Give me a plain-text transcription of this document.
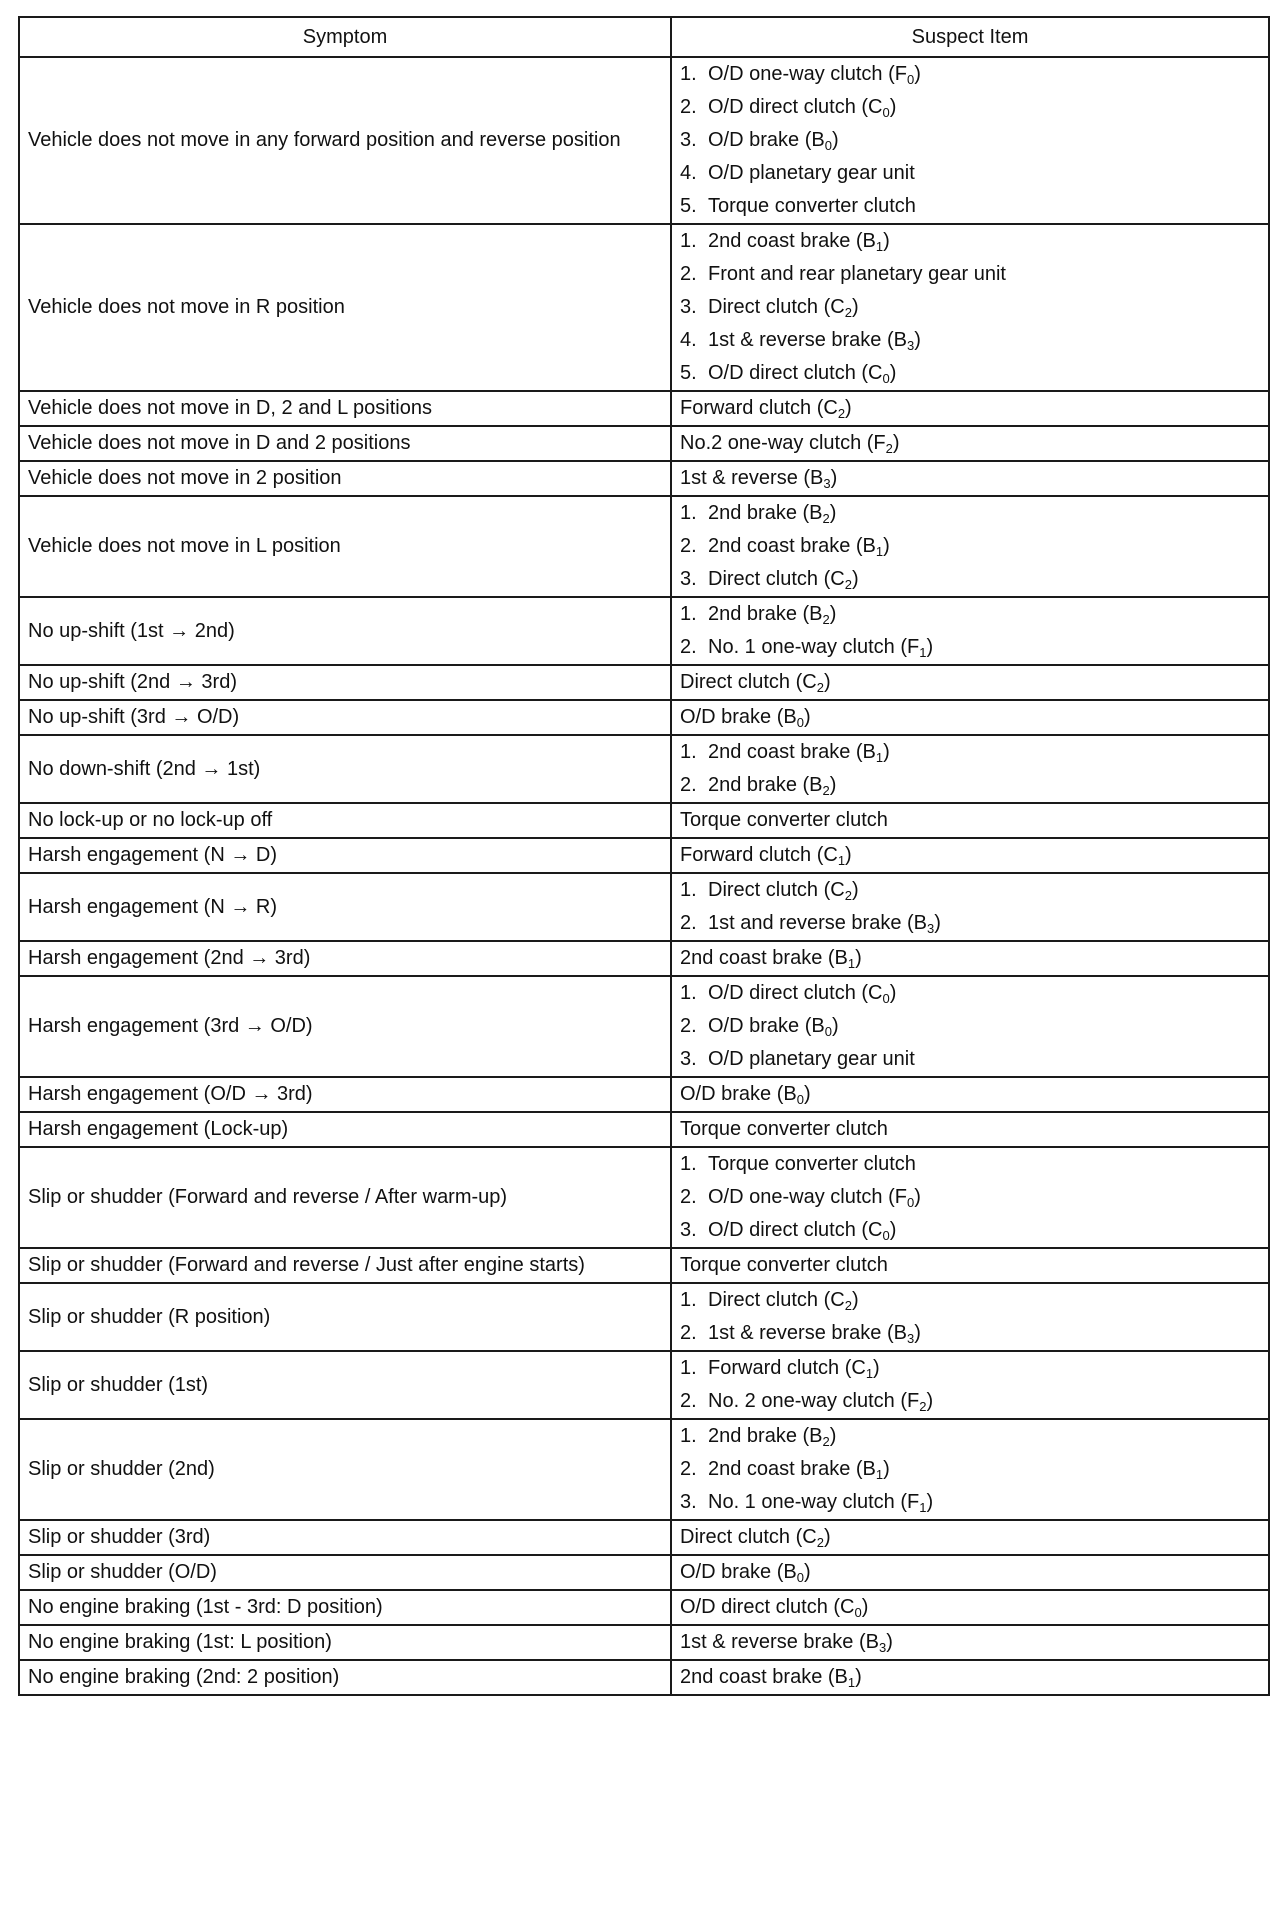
Symptom	Suspect Item
Vehicle does not move in any forward position and reverse position	1. O/D one-way clutch $(F_0)$
2. O/D direct clutch $(C_0)$
3. O/D brake $(B_0)$
4. O/D planetary gear unit
5. Torque converter clutch

Vehicle does not move in R position	1. 2nd coast brake $(B_1)$
2. Front and rear planetary gear unit
3. Direct clutch $(C_2)$
4. 1st & reverse brake $(B_3)$
5. O/D direct clutch $(C_0)$

Vehicle does not move in D, 2 and L positions	Forward clutch $(C_2)$

Vehicle does not move in D and 2 positions	No.2 one-way clutch $(F_2)$

Vehicle does not move in 2 position	1st & reverse $(B_3)$

Vehicle does not move in L position	1. 2nd brake $(B_2)$
2. 2nd coast brake $(B_1)$
3. Direct clutch $(C_2)$

No up-shift (1st → 2nd)	1. 2nd brake $(B_2)$
2. No. 1 one-way clutch $(F_1)$

No up-shift (2nd → 3rd)	Direct clutch $(C_2)$

No up-shift (3rd → O/D)	O/D brake $(B_0)$

No down-shift (2nd → 1st)	1. 2nd coast brake $(B_1)$
2. 2nd brake $(B_2)$

No lock-up or no lock-up off	Torque converter clutch

Harsh engagement (N → D)	Forward clutch $(C_1)$

Harsh engagement (N → R)	1. Direct clutch $(C_2)$
2. 1st and reverse brake $(B_3)$

Harsh engagement (2nd → 3rd)	2nd coast brake $(B_1)$

Harsh engagement (3rd → O/D)	1. O/D direct clutch $(C_0)$
2. O/D brake $(B_0)$
3. O/D planetary gear unit

Harsh engagement (O/D → 3rd)	O/D brake $(B_0)$

Harsh engagement (Lock-up)	Torque converter clutch

Slip or shudder (Forward and reverse / After warm-up)	1. Torque converter clutch
2. O/D one-way clutch $(F_0)$
3. O/D direct clutch $(C_0)$

Slip or shudder (Forward and reverse / Just after engine starts)	Torque converter clutch

Slip or shudder (R position)	1. Direct clutch $(C_2)$
2. 1st & reverse brake $(B_3)$

Slip or shudder (1st)	1. Forward clutch $(C_1)$
2. No. 2 one-way clutch $(F_2)$

Slip or shudder (2nd)	1. 2nd brake $(B_2)$
2. 2nd coast brake $(B_1)$
3. No. 1 one-way clutch $(F_1)$

Slip or shudder (3rd)	Direct clutch $(C_2)$

Slip or shudder (O/D)	O/D brake $(B_0)$

No engine braking (1st - 3rd: D position)	O/D direct clutch $(C_0)$

No engine braking (1st: L position)	1st & reverse brake $(B_3)$

No engine braking (2nd: 2 position)	2nd coast brake $(B_1)$
